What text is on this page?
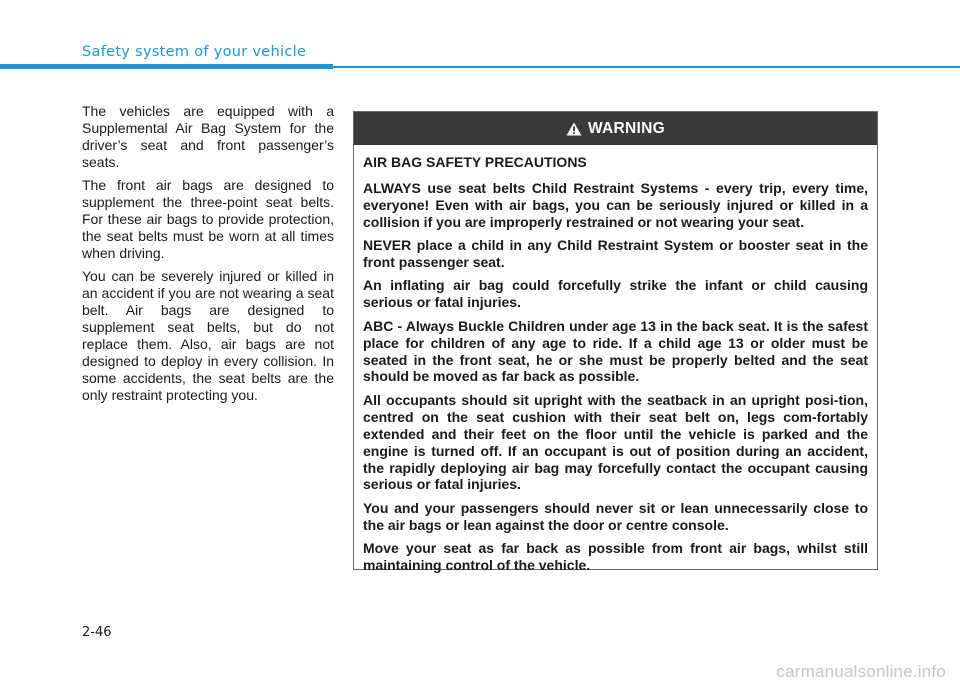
Safety system of your vehicle

The vehicles are equipped with a Supplemental Air Bag System for the driver’s seat and front passenger’s seats.

The front air bags are designed to supplement the three-point seat belts. For these air bags to provide protection, the seat belts must be worn at all times when driving.

You can be severely injured or killed in an accident if you are not wearing a seat belt. Air bags are designed to supplement seat belts, but do not replace them. Also, air bags are not designed to deploy in every collision. In some accidents, the seat belts are the only restraint protecting you.

WARNING

AIR BAG SAFETY PRECAUTIONS

ALWAYS use seat belts Child Restraint Systems - every trip, every time, everyone! Even with air bags, you can be seriously injured or killed in a collision if you are improperly restrained or not wearing your seat.

NEVER place a child in any Child Restraint System or booster seat in the front passenger seat.

An inflating air bag could forcefully strike the infant or child causing serious or fatal injuries.

ABC - Always Buckle Children under age 13 in the back seat. It is the safest place for children of any age to ride. If a child age 13 or older must be seated in the front seat, he or she must be properly belted and the seat should be moved as far back as possible.

All occupants should sit upright with the seatback in an upright posi-tion, centred on the seat cushion with their seat belt on, legs com-fortably extended and their feet on the floor until the vehicle is parked and the engine is turned off. If an occupant is out of position during an accident, the rapidly deploying air bag may forcefully contact the occupant causing serious or fatal injuries.

You and your passengers should never sit or lean unnecessarily close to the air bags or lean against the door or centre console.

Move your seat as far back as possible from front air bags, whilst still maintaining control of the vehicle.

2-46
carmanualsonline.info
